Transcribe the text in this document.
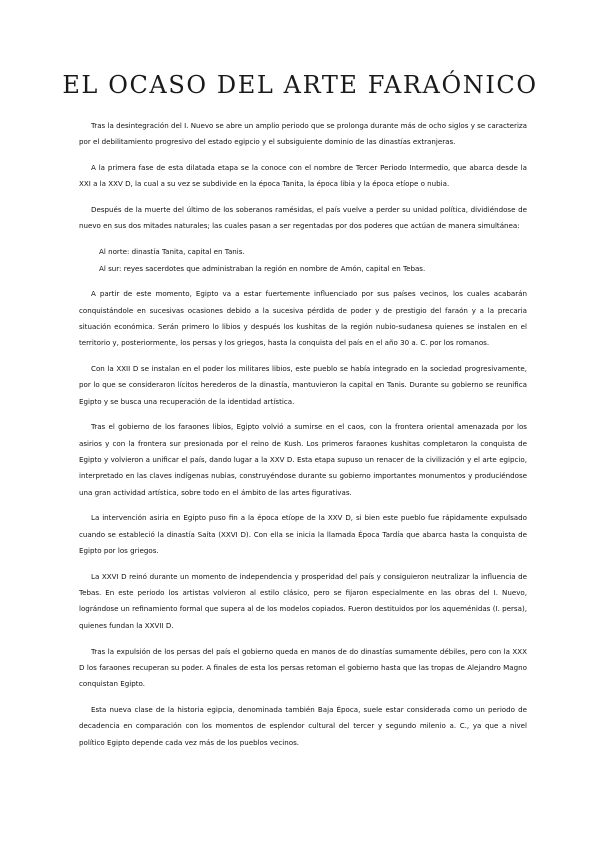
EL OCASO DEL ARTE FARAÓNICO

Tras la desintegración del I. Nuevo se abre un amplio periodo que se prolonga durante más de ocho siglos y se caracteriza por el debilitamiento progresivo del estado egipcio y el subsiguiente dominio de las dinastías extranjeras.

A la primera fase de esta dilatada etapa se la conoce con el nombre de Tercer Periodo Intermedio, que abarca desde la XXI a la XXV D, la cual a su vez se subdivide en la época Tanita, la época libia y la época etíope o nubia.

Después de la muerte del último de los soberanos ramésidas, el país vuelve a perder su unidad política, dividiéndose de nuevo en sus dos mitades naturales; las cuales pasan a ser regentadas por dos poderes que actúan de manera simultánea:

Al norte: dinastía Tanita, capital en Tanis.
Al sur: reyes sacerdotes que administraban la región en nombre de Amón, capital en Tebas.

A partir de este momento, Egipto va a estar fuertemente influenciado por sus países vecinos, los cuales acabarán conquistándole en sucesivas ocasiones debido a la sucesiva pérdida de poder y de prestigio del faraón y a la precaria situación económica. Serán primero lo libios y después los kushitas de la región nubio-sudanesa quienes se instalen en el territorio y, posteriormente, los persas y los griegos, hasta la conquista del país en el año 30 a. C. por los romanos.

Con la XXII D se instalan en el poder los militares libios, este pueblo se había integrado en la sociedad progresivamente, por lo que se consideraron lícitos herederos de la dinastía, mantuvieron la capital en Tanis. Durante su gobierno se reunifica Egipto y se busca una recuperación de la identidad artística.

Tras el gobierno de los faraones libios, Egipto volvió a sumirse en el caos, con la frontera oriental amenazada por los asirios y con la frontera sur presionada por el reino de Kush. Los primeros faraones kushitas completaron la conquista de Egipto y volvieron a unificar el país, dando lugar a la XXV D. Esta etapa supuso un renacer de la civilización y el arte egipcio, interpretado en las claves indígenas nubias, construyéndose durante su gobierno importantes monumentos y produciéndose una gran actividad artística, sobre todo en el ámbito de las artes figurativas.

La intervención asiria en Egipto puso fin a la época etíope de la XXV D, si bien este pueblo fue rápidamente expulsado cuando se estableció la dinastía Saíta (XXVI D). Con ella se inicia la llamada Época Tardía que abarca hasta la conquista de Egipto por los griegos.

La XXVI D reinó durante un momento de independencia y prosperidad del país y consiguieron neutralizar la influencia de Tebas. En este periodo los artistas volvieron al estilo clásico, pero se fijaron especialmente en las obras del I. Nuevo, lográndose un refinamiento formal que supera al de los modelos copiados. Fueron destituidos por los aqueménidas (I. persa), quienes fundan la XXVII D.

Tras la expulsión de los persas del país el gobierno queda en manos de do dinastías sumamente débiles, pero con la XXX D los faraones recuperan su poder. A finales de esta los persas retoman el gobierno hasta que las tropas de Alejandro Magno conquistan Egipto.

Esta nueva clase de la historia egipcia, denominada también Baja Época, suele estar considerada como un periodo de decadencia en comparación con los momentos de esplendor cultural del tercer y segundo milenio a. C., ya que a nivel político Egipto depende cada vez más de los pueblos vecinos.
